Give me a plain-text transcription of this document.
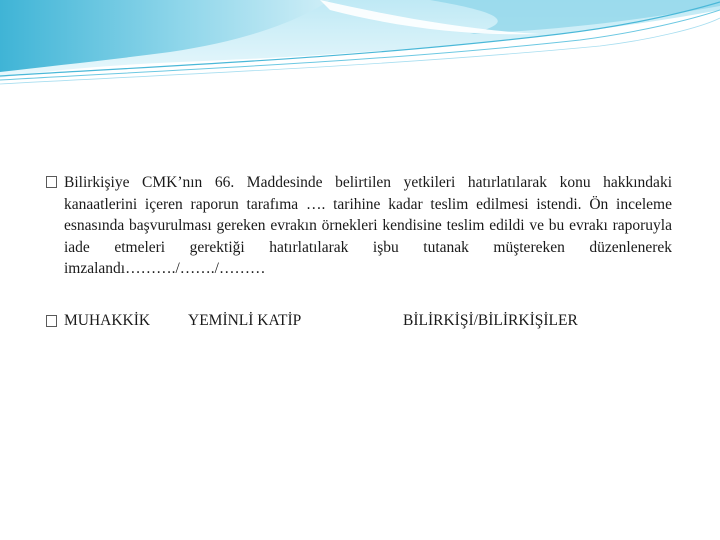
Bilirkişiye CMK’nın 66. Maddesinde belirtilen yetkileri hatırlatılarak konu hakkındaki kanaatlerini içeren raporun tarafıma …. tarihine kadar teslim edilmesi istendi. Ön inceleme esnasında başvurulması gereken evrakın örnekleri kendisine teslim edildi ve bu evrakı raporuyla iade etmeleri gerektiği hatırlatılarak işbu tutanak müştereken düzenlenerek imzalandı………./……./………
MUHAKKİK YEMİNLİ KATİP	BİLİRKİŞİ/BİLİRKİŞİLER
